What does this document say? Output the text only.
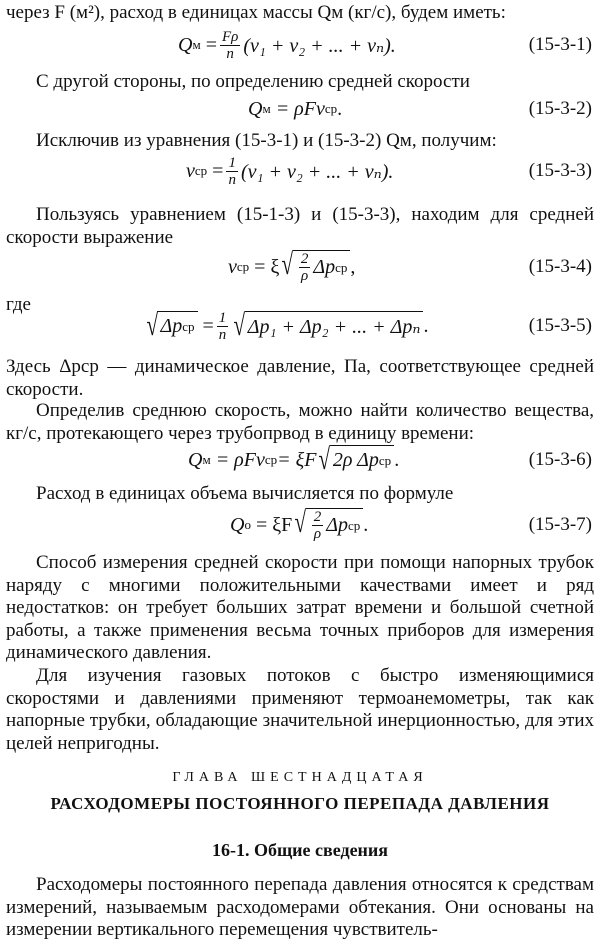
через F (м²), расход в единицах массы Qм (кг/с), будем иметь:

Q $м = \frac{F\rho}{n} (v_1 + v_2$ + ... + vₙ).	(15-3-1)

С другой стороны, по определению средней скорости

Q м
= ρFv ср .	(15-3-2)

Исключив из уравнения (15-3-1) и (15-3-2) Qм, получим:

v ср = $\frac{1}{n} (v_1 + v_2$ + ... + vₙ).	(15-3-3)

Пользуясь уравнением (15-1-3) и (15-3-3), находим для средней скорости выражение

v ср
= ξ √ $\frac{2}{\rho}$ Δp ср ,	(15-3-4)

где

√ Δp ср = $\frac{1}{n}$ √ Δp₁ + Δp₂ + ... + Δpₙ .	(15-3-5)

Здесь Δpср — динамическое давление, Па, соответствующее средней скорости.

Определив среднюю скорость, можно найти количество вещества, кг/с, протекающего через трубопрвод в единицу времени:

Q м
= ρFv ср = ξF √ 2ρ Δp ср .	(15-3-6)

Расход в единицах объема вычисляется по формуле

Q о
= ξF √ $\frac{2}{\rho}$ Δp ср .	(15-3-7)

Способ измерения средней скорости при помощи напорных трубок наряду с многими положительными качествами имеет и ряд недостатков: он требует больших затрат времени и большой счетной работы, а также применения весьма точных приборов для измерения динамического давления.

Для изучения газовых потоков с быстро изменяющимися скоростями и давлениями применяют термоанемометры, так как напорные трубки, обладающие значительной инерционностью, для этих целей непригодны.

ГЛАВА ШЕСТНАДЦАТАЯ
РАСХОДОМЕРЫ ПОСТОЯННОГО ПЕРЕПАДА ДАВЛЕНИЯ
16-1. Общие сведения

Расходомеры постоянного перепада давления относятся к средствам измерений, называемым расходомерами обтекания. Они основаны на измерении вертикального перемещения чувствитель-
